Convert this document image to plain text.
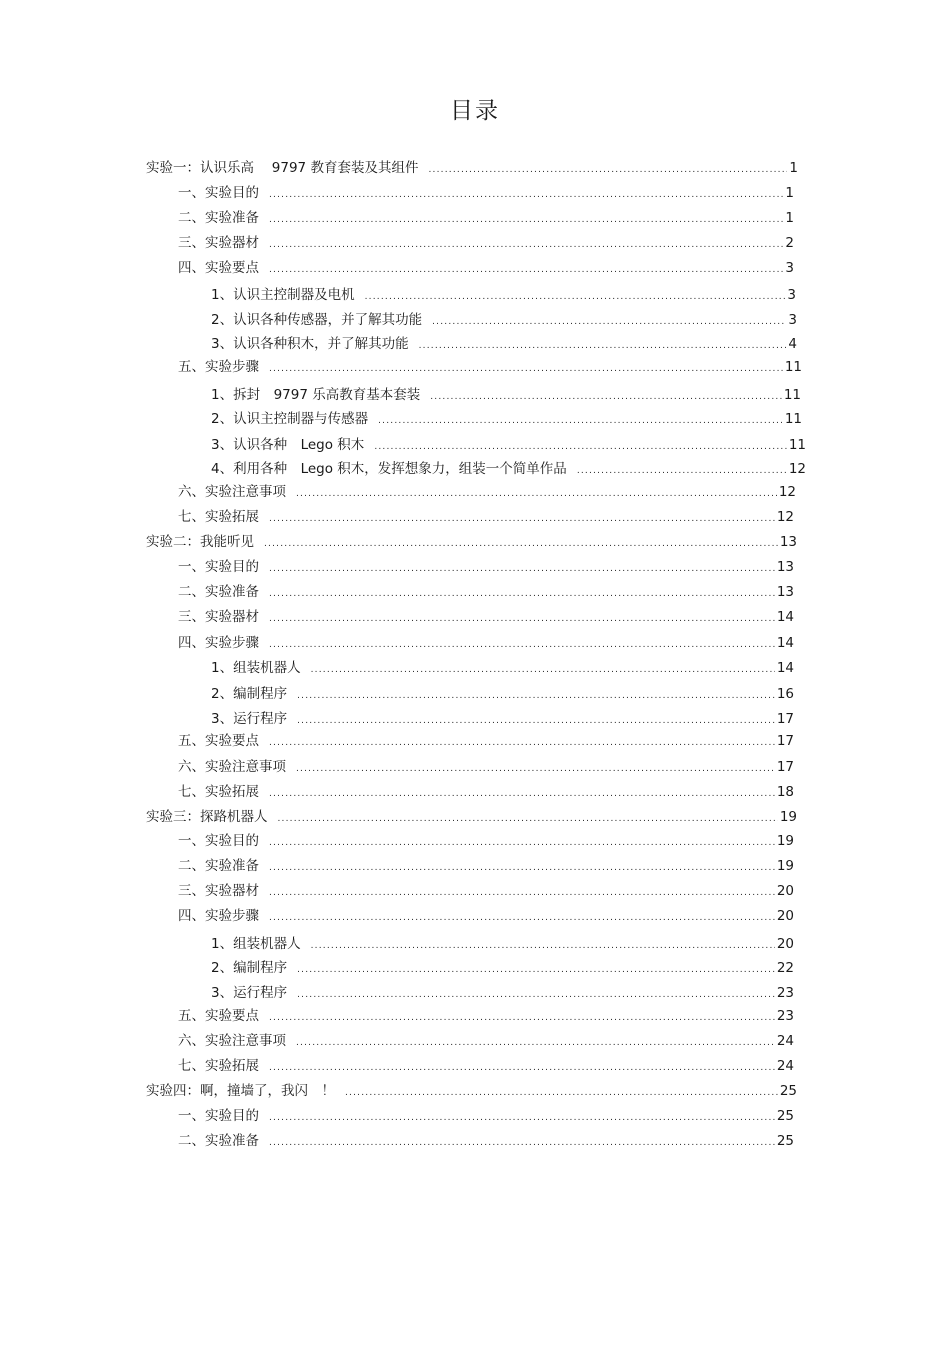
目录
实验一：认识乐高　 9797 教育套装及其组件 .....	1
一、实验目的 .....	1
二、实验准备 .....	1
三、实验器材 .....	2
四、实验要点 .....	3
1、认识主控制器及电机 .....	3
2、认识各种传感器，并了解其功能 .....	3
3、认识各种积木，并了解其功能 .....	4
五、实验步骤 .....	11
1、拆封　9797 乐高教育基本套装 .....	11
2、认识主控制器与传感器 .....	11
3、认识各种　Lego 积木 .....	11
4、利用各种　Lego 积木，发挥想象力，组装一个简单作品 .....	12
六、实验注意事项 .....	12
七、实验拓展 .....	12
实验二：我能听见 .....	13
一、实验目的 .....	13
二、实验准备 .....	13
三、实验器材 .....	14
四、实验步骤 .....	14
1、组装机器人 .....	14
2、编制程序 .....	16
3、运行程序 .....	17
五、实验要点 .....	17
六、实验注意事项 .....	17
七、实验拓展 .....	18
实验三：探路机器人 .....	19
一、实验目的 .....	19
二、实验准备 .....	19
三、实验器材 .....	20
四、实验步骤 .....	20
1、组装机器人 .....	20
2、编制程序 .....	22
3、运行程序 .....	23
五、实验要点 .....	23
六、实验注意事项 .....	24
七、实验拓展 .....	24
实验四：啊，撞墙了，我闪　！ .....	25
一、实验目的 .....	25
二、实验准备 .....	25
